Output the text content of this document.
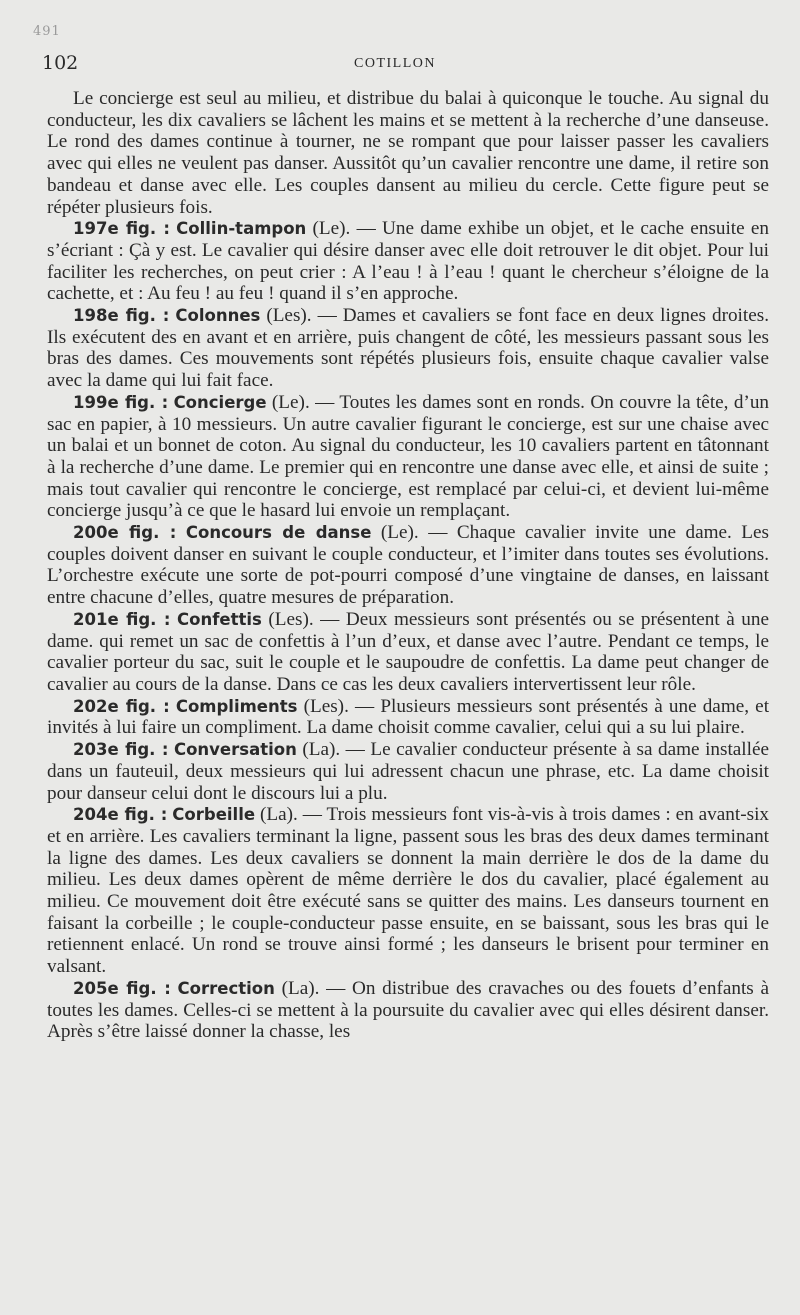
491
102	COTILLON

Le concierge est seul au milieu, et distribue du balai à quiconque le touche. Au signal du conducteur, les dix cavaliers se lâchent les mains et se mettent à la recherche d’une danseuse. Le rond des dames continue à tourner, ne se rompant que pour laisser passer les cavaliers avec qui elles ne veulent pas danser. Aussitôt qu’un cavalier rencontre une dame, il retire son bandeau et danse avec elle. Les couples dansent au milieu du cercle. Cette figure peut se répéter plusieurs fois.

197e fig. : Collin-tampon (Le). — Une dame exhibe un objet, et le cache ensuite en s’écriant : Çà y est. Le cavalier qui désire danser avec elle doit retrouver le dit objet. Pour lui faciliter les recherches, on peut crier : A l’eau ! à l’eau ! quant le chercheur s’éloigne de la cachette, et : Au feu ! au feu ! quand il s’en approche.

198e fig. : Colonnes (Les). — Dames et cavaliers se font face en deux lignes droites. Ils exécutent des en avant et en arrière, puis changent de côté, les messieurs passant sous les bras des dames. Ces mouvements sont répétés plusieurs fois, ensuite chaque cavalier valse avec la dame qui lui fait face.

199e fig. : Concierge (Le). — Toutes les dames sont en ronds. On couvre la tête, d’un sac en papier, à 10 messieurs. Un autre cavalier figurant le concierge, est sur une chaise avec un balai et un bonnet de coton. Au signal du conducteur, les 10 cavaliers partent en tâtonnant à la recherche d’une dame. Le premier qui en rencontre une danse avec elle, et ainsi de suite ; mais tout cavalier qui rencontre le concierge, est remplacé par celui-ci, et devient lui-même concierge jusqu’à ce que le hasard lui envoie un remplaçant.

200e fig. : Concours de danse (Le). — Chaque cavalier invite une dame. Les couples doivent danser en suivant le couple conducteur, et l’imiter dans toutes ses évolutions. L’orchestre exécute une sorte de pot-pourri composé d’une vingtaine de danses, en laissant entre chacune d’elles, quatre mesures de préparation.

201e fig. : Confettis (Les). — Deux messieurs sont présentés ou se présentent à une dame. qui remet un sac de confettis à l’un d’eux, et danse avec l’autre. Pendant ce temps, le cavalier porteur du sac, suit le couple et le saupoudre de confettis. La dame peut changer de cavalier au cours de la danse. Dans ce cas les deux cavaliers intervertissent leur rôle.

202e fig. : Compliments (Les). — Plusieurs messieurs sont présentés à une dame, et invités à lui faire un compliment. La dame choisit comme cavalier, celui qui a su lui plaire.

203e fig. : Conversation (La). — Le cavalier conducteur présente à sa dame installée dans un fauteuil, deux messieurs qui lui adressent chacun une phrase, etc. La dame choisit pour danseur celui dont le discours lui a plu.

204e fig. : Corbeille (La). — Trois messieurs font vis-à-vis à trois dames : en avant-six et en arrière. Les cavaliers terminant la ligne, passent sous les bras des deux dames terminant la ligne des dames. Les deux cavaliers se donnent la main derrière le dos de la dame du milieu. Les deux dames opèrent de même derrière le dos du cavalier, placé également au milieu. Ce mouvement doit être exécuté sans se quitter des mains. Les danseurs tournent en faisant la corbeille ; le couple-conducteur passe ensuite, en se baissant, sous les bras qui le retiennent enlacé. Un rond se trouve ainsi formé ; les danseurs le brisent pour terminer en valsant.

205e fig. : Correction (La). — On distribue des cravaches ou des fouets d’enfants à toutes les dames. Celles-ci se mettent à la poursuite du cavalier avec qui elles désirent danser. Après s’être laissé donner la chasse, les
